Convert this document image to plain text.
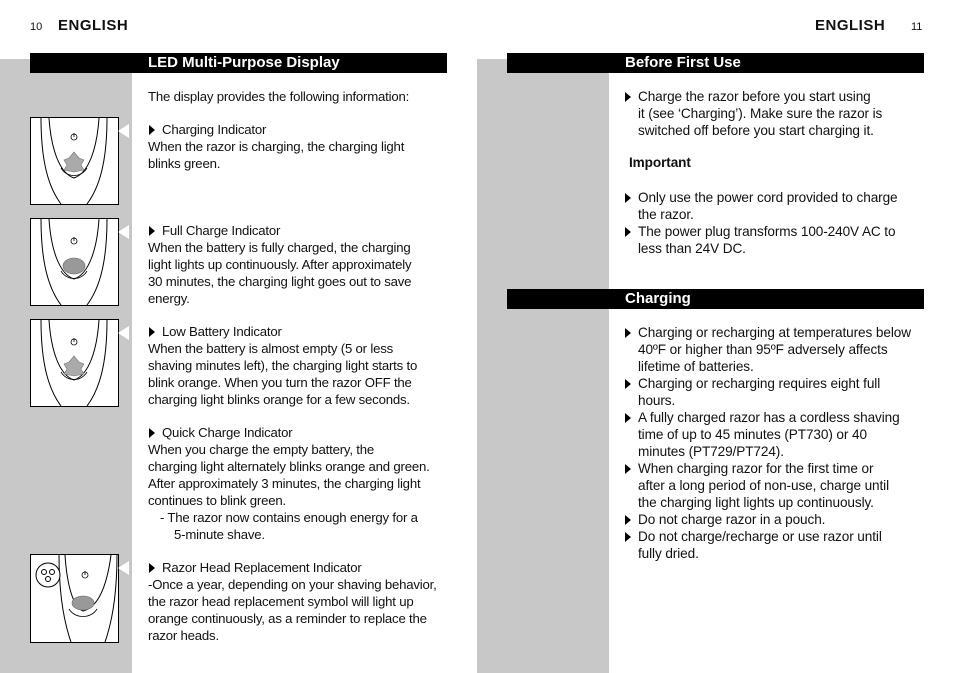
10 ENGLISH
LED Multi-Purpose Display

The display provides the following information:

Charging Indicator

When the razor is charging, the charging light

blinks green.

Full Charge Indicator

When the battery is fully charged, the charging

light lights up continuously. After approximately

30 minutes, the charging light goes out to save

energy.

Low Battery Indicator

When the battery is almost empty (5 or less

shaving minutes left), the charging light starts to

blink orange. When you turn the razor OFF the

charging light blinks orange for a few seconds.

Quick Charge Indicator

When you charge the empty battery, the

charging light alternately blinks orange and green.

After approximately 3 minutes, the charging light

continues to blink green.

- The razor now contains enough energy for a

5-minute shave.

Razor Head Replacement Indicator

-Once a year, depending on your shaving behavior,

the razor head replacement symbol will light up

orange continuously, as a reminder to replace the

razor heads.

ENGLISH 11
Before First Use

Charge the razor before you start using

it (see ‘Charging’). Make sure the razor is

switched off before you start charging it.

Important

Only use the power cord provided to charge

the razor.

The power plug transforms 100-240V AC to

less than 24V DC.

Charging

Charging or recharging at temperatures below

40ºF or higher than 95ºF adversely affects

lifetime of batteries.

Charging or recharging requires eight full

hours.

A fully charged razor has a cordless shaving

time of up to 45 minutes (PT730) or 40

minutes (PT729/PT724).

When charging razor for the first time or

after a long period of non-use, charge until

the charging light lights up continuously.

Do not charge razor in a pouch.

Do not charge/recharge or use razor until

fully dried.
